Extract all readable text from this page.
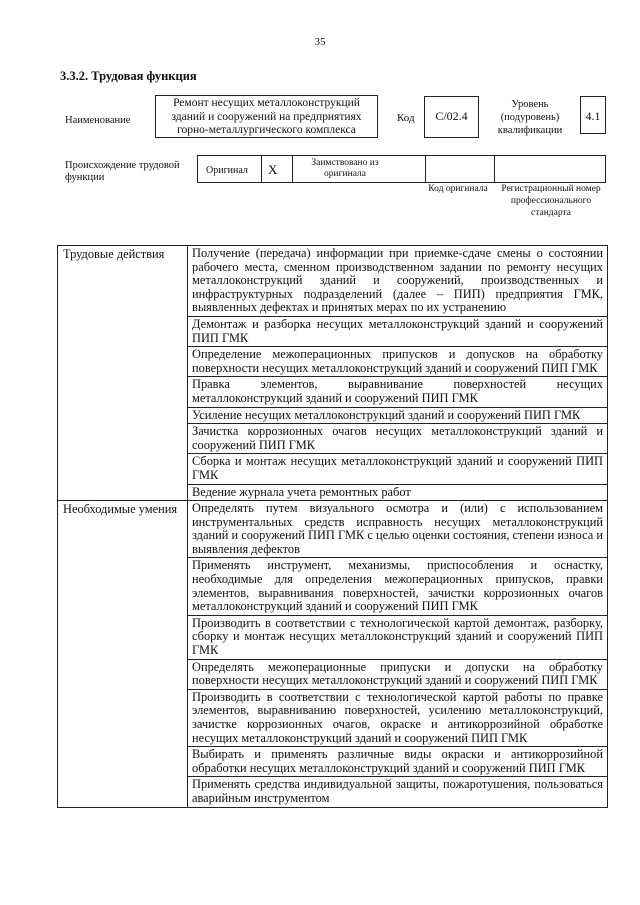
35
3.3.2. Трудовая функция
Наименование
Ремонт несущих металлоконструкций зданий и сооружений на предприятиях горно-металлургического комплекса
Код	С/02.4
Уровень (подуровень) квалификации
4.1
Происхождение трудовой функции
Оригинал X	Заимствовано из оригинала
Код оригинала	Регистрационный номер профессионального стандарта
Трудовые действия	Получение (передача) информации при приемке-сдаче смены о состоянии рабочего места, сменном производственном задании по ремонту несущих металлоконструкций зданий и сооружений, производственных и инфраструктурных подразделений (далее – ПИП) предприятия ГМК, выявленных дефектах и принятых мерах по их устранению
	Демонтаж и разборка несущих металлоконструкций зданий и сооружений ПИП ГМК
	Определение межоперационных припусков и допусков на обработку поверхности несущих металлоконструкций зданий и сооружений ПИП ГМК
	Правка элементов, выравнивание поверхностей несущих металлоконструкций зданий и сооружений ПИП ГМК
	Усиление несущих металлоконструкций зданий и сооружений ПИП ГМК
	Зачистка коррозионных очагов несущих металлоконструкций зданий и сооружений ПИП ГМК
	Сборка и монтаж несущих металлоконструкций зданий и сооружений ПИП ГМК
	Ведение журнала учета ремонтных работ
Необходимые умения	Определять путем визуального осмотра и (или) с использованием инструментальных средств исправность несущих металлоконструкций зданий и сооружений ПИП ГМК с целью оценки состояния, степени износа и выявления дефектов
	Применять инструмент, механизмы, приспособления и оснастку, необходимые для определения межоперационных припусков, правки элементов, выравнивания поверхностей, зачистки коррозионных очагов металлоконструкций зданий и сооружений ПИП ГМК
	Производить в соответствии с технологической картой демонтаж, разборку, сборку и монтаж несущих металлоконструкций зданий и сооружений ПИП ГМК
	Определять межоперационные припуски и допуски на обработку поверхности несущих металлоконструкций зданий и сооружений ПИП ГМК
	Производить в соответствии с технологической картой работы по правке элементов, выравниванию поверхностей, усилению металлоконструкций, зачистке коррозионных очагов, окраске и антикоррозийной обработке несущих металлоконструкций зданий и сооружений ПИП ГМК
	Выбирать и применять различные виды окраски и антикоррозийной обработки несущих металлоконструкций зданий и сооружений ПИП ГМК
	Применять средства индивидуальной защиты, пожаротушения, пользоваться аварийным инструментом
